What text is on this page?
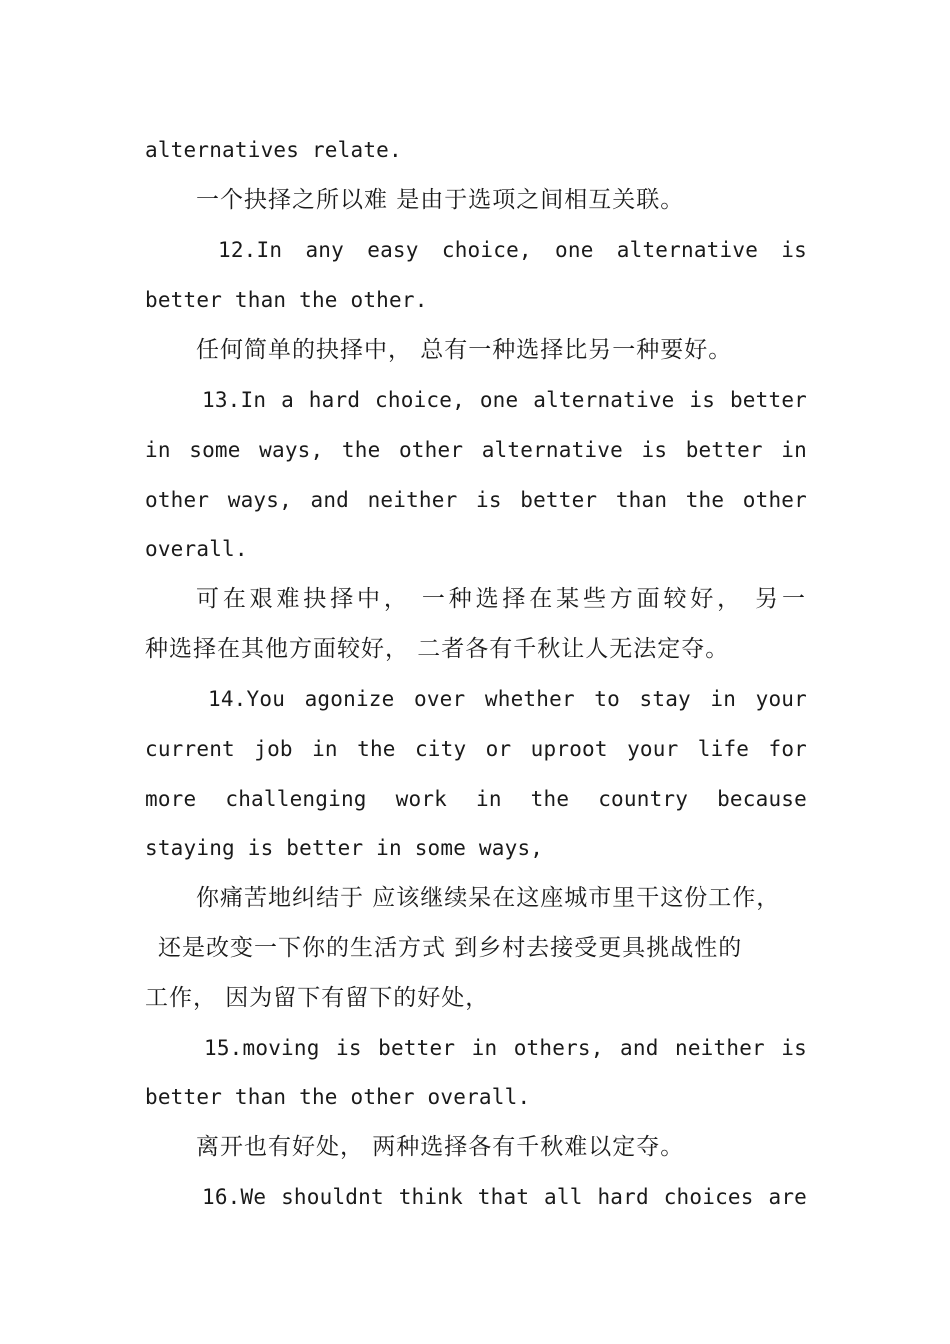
alternatives relate.
一个抉择之所以难 是由于选项之间相互关联。
12.In any easy choice, one alternative is
better than the other.
任何简单的抉择中， 总有一种选择比另一种要好。
13.In a hard choice, one alternative is better
in some ways, the other alternative is better in
other ways, and neither is better than the other
overall.
可在艰难抉择中， 一种选择在某些方面较好， 另一
种选择在其他方面较好， 二者各有千秋让人无法定夺。
14.You agonize over whether to stay in your
current job in the city or uproot your life for
more challenging work in the country because
staying is better in some ways,
你痛苦地纠结于 应该继续呆在这座城市里干这份工作，
还是改变一下你的生活方式 到乡村去接受更具挑战性的
工作， 因为留下有留下的好处，
15.moving is better in others, and neither is
better than the other overall.
离开也有好处， 两种选择各有千秋难以定夺。
16.We shouldnt think that all hard choices are
